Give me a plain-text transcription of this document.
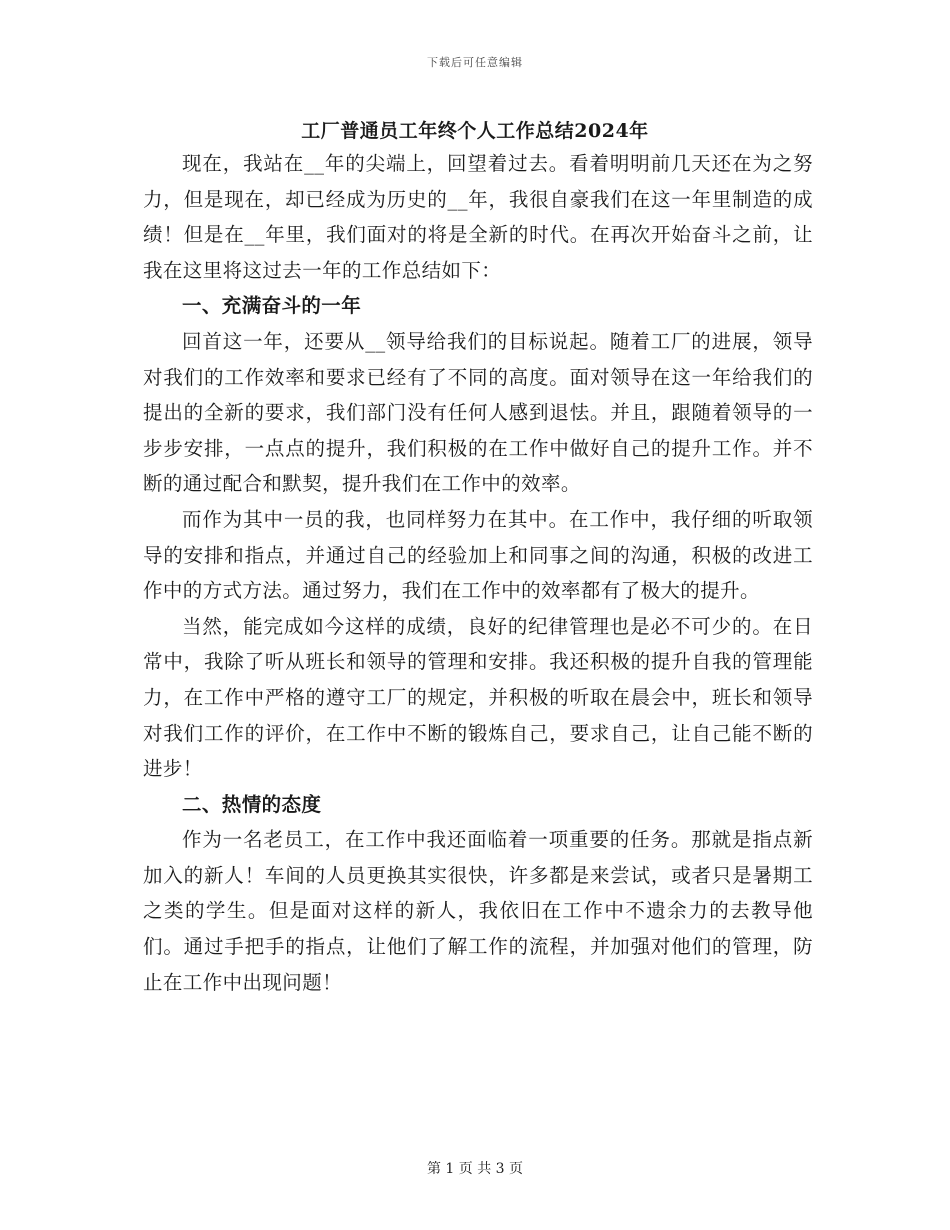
下载后可任意编辑
工厂普通员工年终个人工作总结2024年

现在，我站在__年的尖端上，回望着过去。看着明明前几天还在为之努力，但是现在，却已经成为历史的__年，我很自豪我们在这一年里制造的成绩！但是在__年里，我们面对的将是全新的时代。在再次开始奋斗之前，让我在这里将这过去一年的工作总结如下：

一、充满奋斗的一年

回首这一年，还要从__领导给我们的目标说起。随着工厂的进展，领导对我们的工作效率和要求已经有了不同的高度。面对领导在这一年给我们的提出的全新的要求，我们部门没有任何人感到退怯。并且，跟随着领导的一步步安排，一点点的提升，我们积极的在工作中做好自己的提升工作。并不断的通过配合和默契，提升我们在工作中的效率。

而作为其中一员的我，也同样努力在其中。在工作中，我仔细的听取领导的安排和指点，并通过自己的经验加上和同事之间的沟通，积极的改进工作中的方式方法。通过努力，我们在工作中的效率都有了极大的提升。

当然，能完成如今这样的成绩，良好的纪律管理也是必不可少的。在日常中，我除了听从班长和领导的管理和安排。我还积极的提升自我的管理能力，在工作中严格的遵守工厂的规定，并积极的听取在晨会中，班长和领导对我们工作的评价，在工作中不断的锻炼自己，要求自己，让自己能不断的进步！

二、热情的态度

作为一名老员工，在工作中我还面临着一项重要的任务。那就是指点新加入的新人！车间的人员更换其实很快，许多都是来尝试，或者只是暑期工之类的学生。但是面对这样的新人，我依旧在工作中不遗余力的去教导他们。通过手把手的指点，让他们了解工作的流程，并加强对他们的管理，防止在工作中出现问题！

第 1 页 共 3 页
